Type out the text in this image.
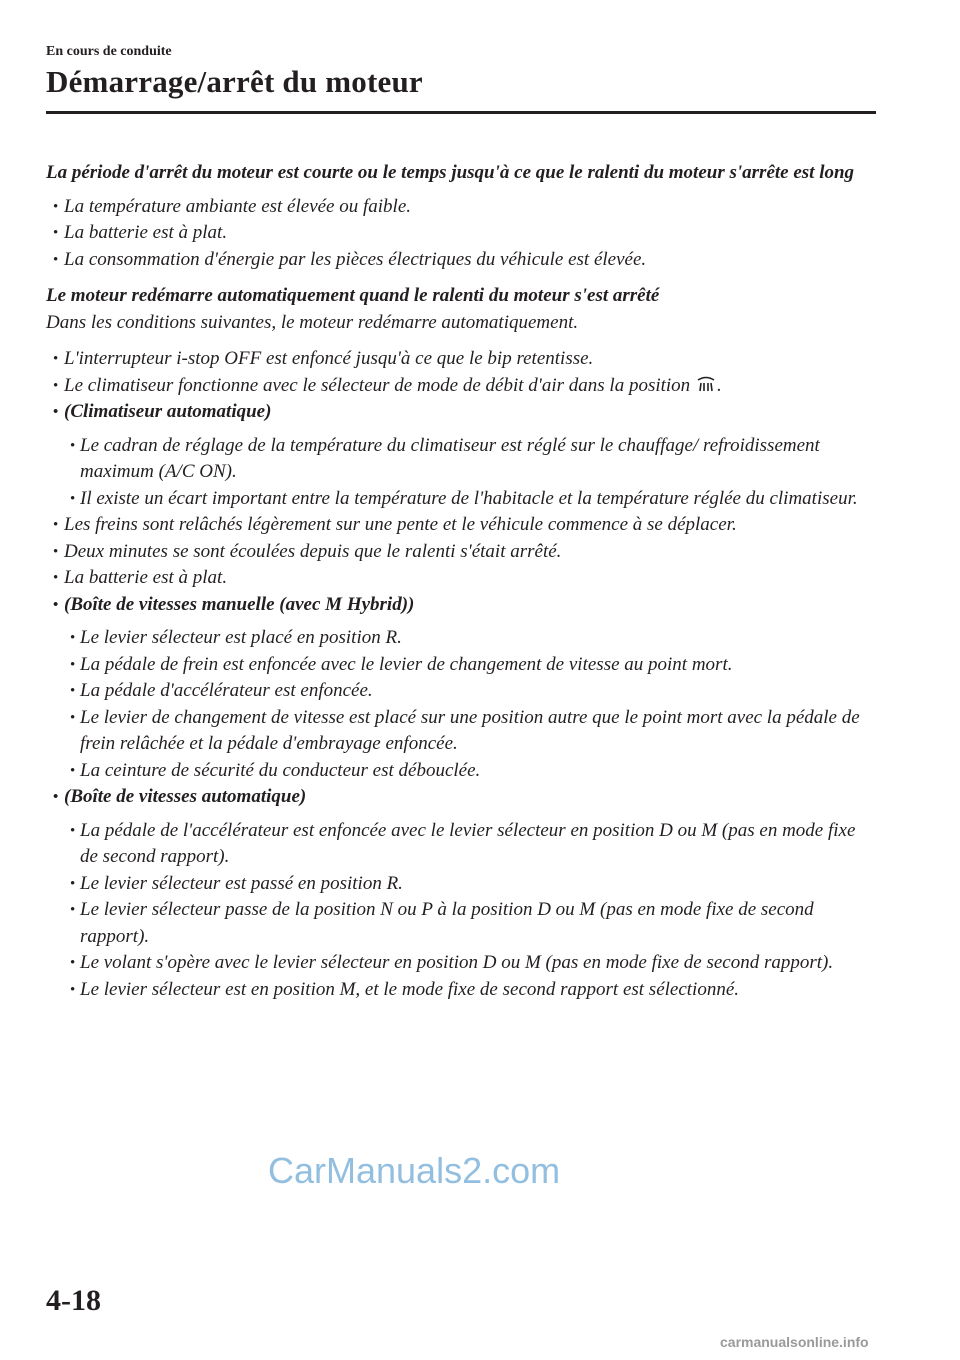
En cours de conduite
Démarrage/arrêt du moteur

La période d'arrêt du moteur est courte ou le temps jusqu'à ce que le ralenti du moteur s'arrête est long

• La température ambiante est élevée ou faible.

• La batterie est à plat.

• La consommation d'énergie par les pièces électriques du véhicule est élevée.

Le moteur redémarre automatiquement quand le ralenti du moteur s'est arrêté

Dans les conditions suivantes, le moteur redémarre automatiquement.

• L'interrupteur i-stop OFF est enfoncé jusqu'à ce que le bip retentisse.

• Le climatiseur fonctionne avec le sélecteur de mode de débit d'air dans la position .

• (Climatiseur automatique)

• Le cadran de réglage de la température du climatiseur est réglé sur le chauffage/ refroidissement maximum (A/C ON).

• Il existe un écart important entre la température de l'habitacle et la température réglée du climatiseur.

• Les freins sont relâchés légèrement sur une pente et le véhicule commence à se déplacer.

• Deux minutes se sont écoulées depuis que le ralenti s'était arrêté.

• La batterie est à plat.

• (Boîte de vitesses manuelle (avec M Hybrid))

• Le levier sélecteur est placé en position R.

• La pédale de frein est enfoncée avec le levier de changement de vitesse au point mort.

• La pédale d'accélérateur est enfoncée.

• Le levier de changement de vitesse est placé sur une position autre que le point mort avec la pédale de frein relâchée et la pédale d'embrayage enfoncée.

• La ceinture de sécurité du conducteur est débouclée.

• (Boîte de vitesses automatique)

• La pédale de l'accélérateur est enfoncée avec le levier sélecteur en position D ou M (pas en mode fixe de second rapport).

• Le levier sélecteur est passé en position R.

• Le levier sélecteur passe de la position N ou P à la position D ou M (pas en mode fixe de second rapport).

• Le volant s'opère avec le levier sélecteur en position D ou M (pas en mode fixe de second rapport).

• Le levier sélecteur est en position M, et le mode fixe de second rapport est sélectionné.

CarManuals2.com
4-18
carmanualsonline.info
